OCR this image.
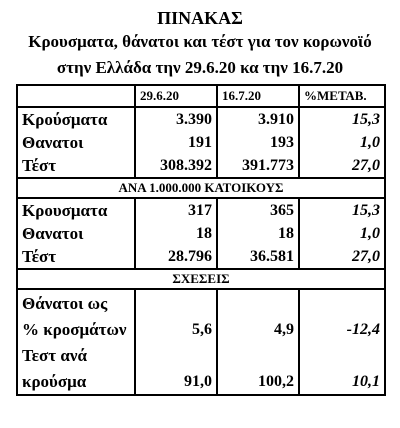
ΠΙΝΑΚΑΣ
Κρουσματα, θάνατοι και τέστ για τον κορωνοϊό
στην Ελλάδα την 29.6.20 κα την 16.7.20
	29.6.20	16.7.20	%ΜΕΤΑΒ.
Κρούσματα	3.390	3.910	15,3
Θανατοι	191	193	1,0
Τέστ	308.392	391.773	27,0
ΑΝΑ 1.000.000 ΚΑΤΟΙΚΟΥΣ			
Κρουσματα	317	365	15,3
Θανατοι	18	18	1,0
Τέστ	28.796	36.581	27,0
ΣΧΕΣΕΙΣ			
Θάνατοι ως			
% κροσμάτων	5,6	4,9	-12,4
Τεστ ανά			
κρούσμα	91,0	100,2	10,1
